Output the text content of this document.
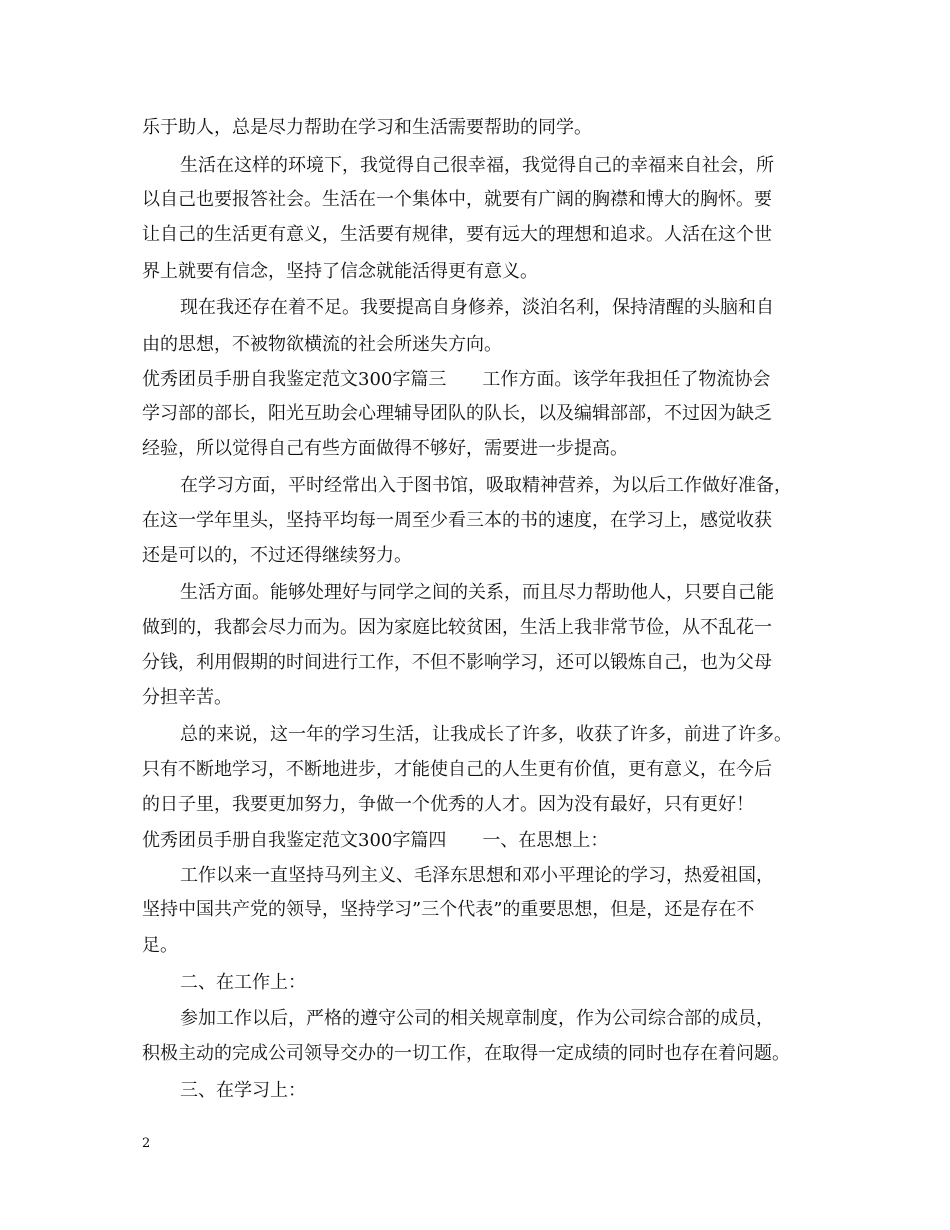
乐于助人，总是尽力帮助在学习和生活需要帮助的同学。
生活在这样的环境下，我觉得自己很幸福，我觉得自己的幸福来自社会，所
以自己也要报答社会。生活在一个集体中，就要有广阔的胸襟和博大的胸怀。要
让自己的生活更有意义，生活要有规律，要有远大的理想和追求。人活在这个世
界上就要有信念，坚持了信念就能活得更有意义。
现在我还存在着不足。我要提高自身修养，淡泊名利，保持清醒的头脑和自
由的思想，不被物欲横流的社会所迷失方向。
优秀团员手册自我鉴定范文300字篇三　　工作方面。该学年我担任了物流协会
学习部的部长，阳光互助会心理辅导团队的队长，以及编辑部部，不过因为缺乏
经验，所以觉得自己有些方面做得不够好，需要进一步提高。
在学习方面，平时经常出入于图书馆，吸取精神营养，为以后工作做好准备，
在这一学年里头，坚持平均每一周至少看三本的书的速度，在学习上，感觉收获
还是可以的，不过还得继续努力。
生活方面。能够处理好与同学之间的关系，而且尽力帮助他人，只要自己能
做到的，我都会尽力而为。因为家庭比较贫困，生活上我非常节俭，从不乱花一
分钱，利用假期的时间进行工作，不但不影响学习，还可以锻炼自己，也为父母
分担辛苦。
总的来说，这一年的学习生活，让我成长了许多，收获了许多，前进了许多。
只有不断地学习，不断地进步，才能使自己的人生更有价值，更有意义，在今后
的日子里，我要更加努力，争做一个优秀的人才。因为没有最好，只有更好！
优秀团员手册自我鉴定范文300字篇四　　一、在思想上：
工作以来一直坚持马列主义、毛泽东思想和邓小平理论的学习，热爱祖国，
坚持中国共产党的领导，坚持学习”三个代表”的重要思想，但是，还是存在不
足。
二、在工作上：
参加工作以后，严格的遵守公司的相关规章制度，作为公司综合部的成员，
积极主动的完成公司领导交办的一切工作，在取得一定成绩的同时也存在着问题。
三、在学习上：
2
